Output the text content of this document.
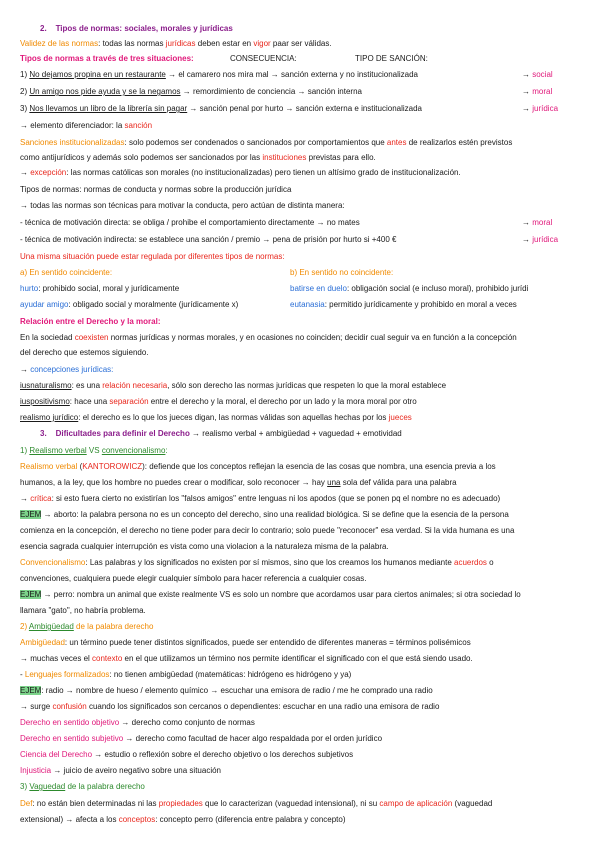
2.    Tipos de normas: sociales, morales y jurídicas
Validez de las normas: todas las normas jurídicas deben estar en vigor paar ser válidas.
Tipos de normas a través de tres situaciones:	CONSECUENCIA:	TIPO DE SANCIÓN:
1) No dejamos propina en un restaurante → el camarero nos mira mal → sanción externa y no institucionalizada	→ social
2) Un amigo nos pide ayuda y se la negamos → remordimiento de conciencia → sanción interna	→ moral
3) Nos llevamos un libro de la librería sin pagar → sanción penal por hurto → sanción externa e institucionalizada	→ jurídica
→ elemento diferenciador: la sanción
Sanciones institucionalizadas: solo podemos ser condenados o sancionados por comportamientos que antes de realizarlos estén previstos
como antijurídicos y además solo podemos ser sancionados por las instituciones previstas para ello.
→ excepción: las normas católicas son morales (no institucionalizadas) pero tienen un altísimo grado de institucionalización.
Tipos de normas: normas de conducta y normas sobre la producción jurídica
→ todas las normas son técnicas para motivar la conducta, pero actúan de distinta manera:
- técnica de motivación directa: se obliga / prohibe el comportamiento directamente → no mates	→ moral
- técnica de motivación indirecta: se establece una sanción / premio → pena de prisión por hurto si +400 €	→ jurídica
Una misma situación puede estar regulada por diferentes tipos de normas:
a) En sentido coincidente:	b) En sentido no coincidente:
hurto: prohibido social, moral y jurídicamente	batirse en duelo: obligación social (e incluso moral), prohibido jurídi
ayudar amigo: obligado social y moralmente (jurídicamente x)	eutanasia: permitido jurídicamente y prohibido en moral a veces
Relación entre el Derecho y la moral:
En la sociedad coexisten normas jurídicas y normas morales, y en ocasiones no coinciden; decidir cual seguir va en función a la concepción
del derecho que estemos siguiendo.
→ concepciones jurídicas:
iusnaturalismo: es una relación necesaria, sólo son derecho las normas jurídicas que respeten lo que la moral establece
iuspositivismo: hace una separación entre el derecho y la moral, el derecho por un lado y la mora moral por otro
realismo jurídico: el derecho es lo que los jueces digan, las normas válidas son aquellas hechas por los jueces
3.    Dificultades para definir el Derecho → realismo verbal + ambigüedad + vaguedad + emotividad
1) Realismo verbal VS convencionalismo:
Realismo verbal (KANTOROWICZ): defiende que los conceptos reflejan la esencia de las cosas que nombra, una esencia previa a los
humanos, a la ley, que los hombre no puedes crear o modificar, solo reconocer → hay una sola def válida para una palabra
→ crítica: si esto fuera cierto no existirían los "falsos amigos" entre lenguas ni los apodos (que se ponen pq el nombre no es adecuado)
EJEM → aborto: la palabra persona no es un concepto del derecho, sino una realidad biológica. Si se define que la esencia de la persona
comienza en la concepción, el derecho no tiene poder para decir lo contrario; solo puede "reconocer" esa verdad. Si la vida humana es una
esencia sagrada cualquier interrupción es vista como una violacion a la naturaleza misma de la palabra.
Convencionalismo: Las palabras y los significados no existen por sí mismos, sino que los creamos los humanos mediante acuerdos o
convenciones, cualquiera puede elegir cualquier símbolo para hacer referencia a cualquier cosas.
EJEM → perro: nombra un animal que existe realmente VS es solo un nombre que acordamos usar para ciertos animales; si otra sociedad lo
llamara "gato", no habría problema.
2) Ambigüedad de la palabra derecho
Ambigüedad: un término puede tener distintos significados, puede ser entendido de diferentes maneras = términos polisémicos
→ muchas veces el contexto en el que utilizamos un término nos permite identificar el significado con el que está siendo usado.
- Lenguajes formalizados: no tienen ambigüedad (matemáticas: hidrógeno es hidrógeno y ya)
EJEM: radio → nombre de hueso / elemento químico → escuchar una emisora de radio / me he comprado una radio
→ surge confusión cuando los significados son cercanos o dependientes: escuchar en una radio una emisora de radio
Derecho en sentido objetivo → derecho como conjunto de normas
Derecho en sentido subjetivo → derecho como facultad de hacer algo respaldada por el orden jurídico
Ciencia del Derecho → estudio o reflexión sobre el derecho objetivo o los derechos subjetivos
Injusticia → juicio de aveiro negativo sobre una situación
3) Vaguedad de la palabra derecho
Def: no están bien determinadas ni las propiedades que lo caracterizan (vaguedad intensional), ni su campo de aplicación (vaguedad
extensional) → afecta a los conceptos: concepto perro (diferencia entre palabra y concepto)
